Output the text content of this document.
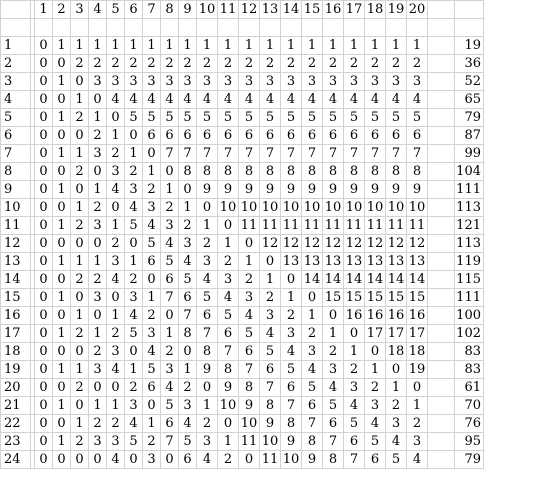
		1	2	3	4	5	6	7	8	9	10	11	12	13	14	15	16	17	18	19	20		

1		0	1	1	1	1	1	1	1	1	1	1	1	1	1	1	1	1	1	1	1		19
2		0	0	2	2	2	2	2	2	2	2	2	2	2	2	2	2	2	2	2	2		36
3		0	1	0	3	3	3	3	3	3	3	3	3	3	3	3	3	3	3	3	3		52
4		0	0	1	0	4	4	4	4	4	4	4	4	4	4	4	4	4	4	4	4		65
5		0	1	2	1	0	5	5	5	5	5	5	5	5	5	5	5	5	5	5	5		79
6		0	0	0	2	1	0	6	6	6	6	6	6	6	6	6	6	6	6	6	6		87
7		0	1	1	3	2	1	0	7	7	7	7	7	7	7	7	7	7	7	7	7		99
8		0	0	2	0	3	2	1	0	8	8	8	8	8	8	8	8	8	8	8	8		104
9		0	1	0	1	4	3	2	1	0	9	9	9	9	9	9	9	9	9	9	9		111
10		0	0	1	2	0	4	3	2	1	0	10	10	10	10	10	10	10	10	10	10		113
11		0	1	2	3	1	5	4	3	2	1	0	11	11	11	11	11	11	11	11	11		121
12		0	0	0	0	2	0	5	4	3	2	1	0	12	12	12	12	12	12	12	12		113
13		0	1	1	1	3	1	6	5	4	3	2	1	0	13	13	13	13	13	13	13		119
14		0	0	2	2	4	2	0	6	5	4	3	2	1	0	14	14	14	14	14	14		115
15		0	1	0	3	0	3	1	7	6	5	4	3	2	1	0	15	15	15	15	15		111
16		0	0	1	0	1	4	2	0	7	6	5	4	3	2	1	0	16	16	16	16		100
17		0	1	2	1	2	5	3	1	8	7	6	5	4	3	2	1	0	17	17	17		102
18		0	0	0	2	3	0	4	2	0	8	7	6	5	4	3	2	1	0	18	18		83
19		0	1	1	3	4	1	5	3	1	9	8	7	6	5	4	3	2	1	0	19		83
20		0	0	2	0	0	2	6	4	2	0	9	8	7	6	5	4	3	2	1	0		61
21		0	1	0	1	1	3	0	5	3	1	10	9	8	7	6	5	4	3	2	1		70
22		0	0	1	2	2	4	1	6	4	2	0	10	9	8	7	6	5	4	3	2		76
23		0	1	2	3	3	5	2	7	5	3	1	11	10	9	8	7	6	5	4	3		95
24		0	0	0	0	4	0	3	0	6	4	2	0	11	10	9	8	7	6	5	4		79
